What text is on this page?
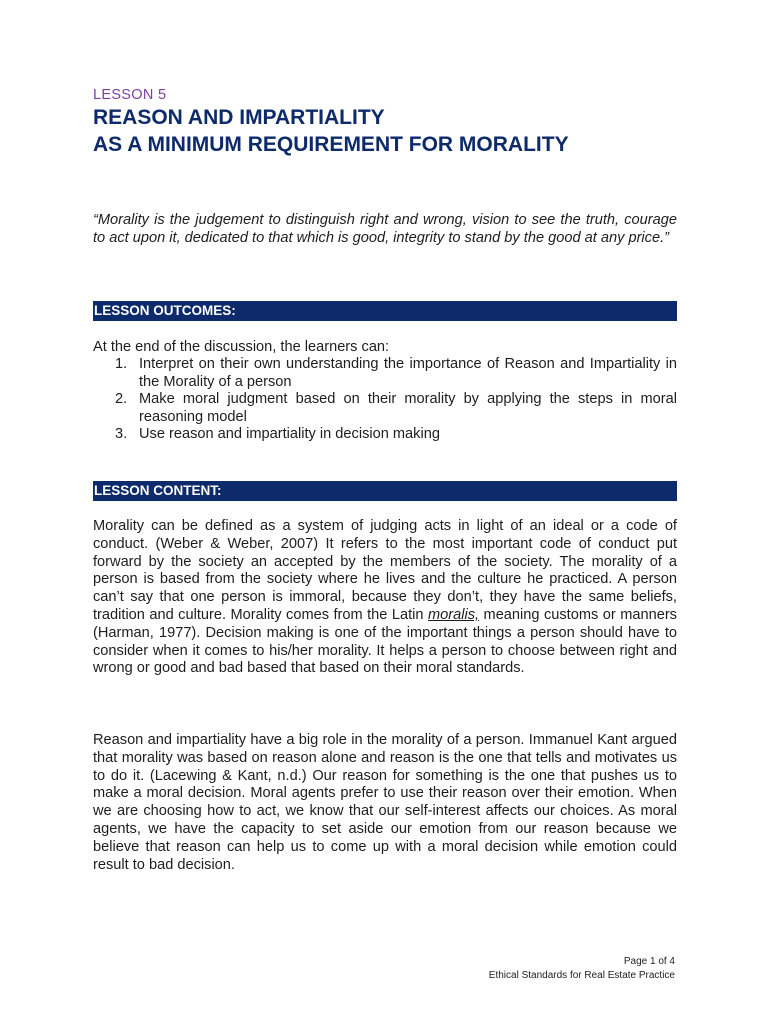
LESSON 5
REASON AND IMPARTIALITY
AS A MINIMUM REQUIREMENT FOR MORALITY
“Morality is the judgement to distinguish right and wrong, vision to see the truth, courage to act upon it, dedicated to that which is good, integrity to stand by the good at any price.”
LESSON OUTCOMES:
At the end of the discussion, the learners can:
1. Interpret on their own understanding the importance of Reason and Impartiality in the Morality of a person
2. Make moral judgment based on their morality by applying the steps in moral reasoning model
3. Use reason and impartiality in decision making
LESSON CONTENT:

Morality can be defined as a system of judging acts in light of an ideal or a code of conduct. (Weber & Weber, 2007) It refers to the most important code of conduct put forward by the society an accepted by the members of the society. The morality of a person is based from the society where he lives and the culture he practiced. A person can’t say that one person is immoral, because they don’t, they have the same beliefs, tradition and culture. Morality comes from the Latin moralis, meaning customs or manners (Harman, 1977). Decision making is one of the important things a person should have to consider when it comes to his/her morality. It helps a person to choose between right and wrong or good and bad based that based on their moral standards.

Reason and impartiality have a big role in the morality of a person. Immanuel Kant argued that morality was based on reason alone and reason is the one that tells and motivates us to do it. (Lacewing & Kant, n.d.) Our reason for something is the one that pushes us to make a moral decision. Moral agents prefer to use their reason over their emotion. When we are choosing how to act, we know that our self-interest affects our choices. As moral agents, we have the capacity to set aside our emotion from our reason because we believe that reason can help us to come up with a moral decision while emotion could result to bad decision.

Page 1 of 4
Ethical Standards for Real Estate Practice
